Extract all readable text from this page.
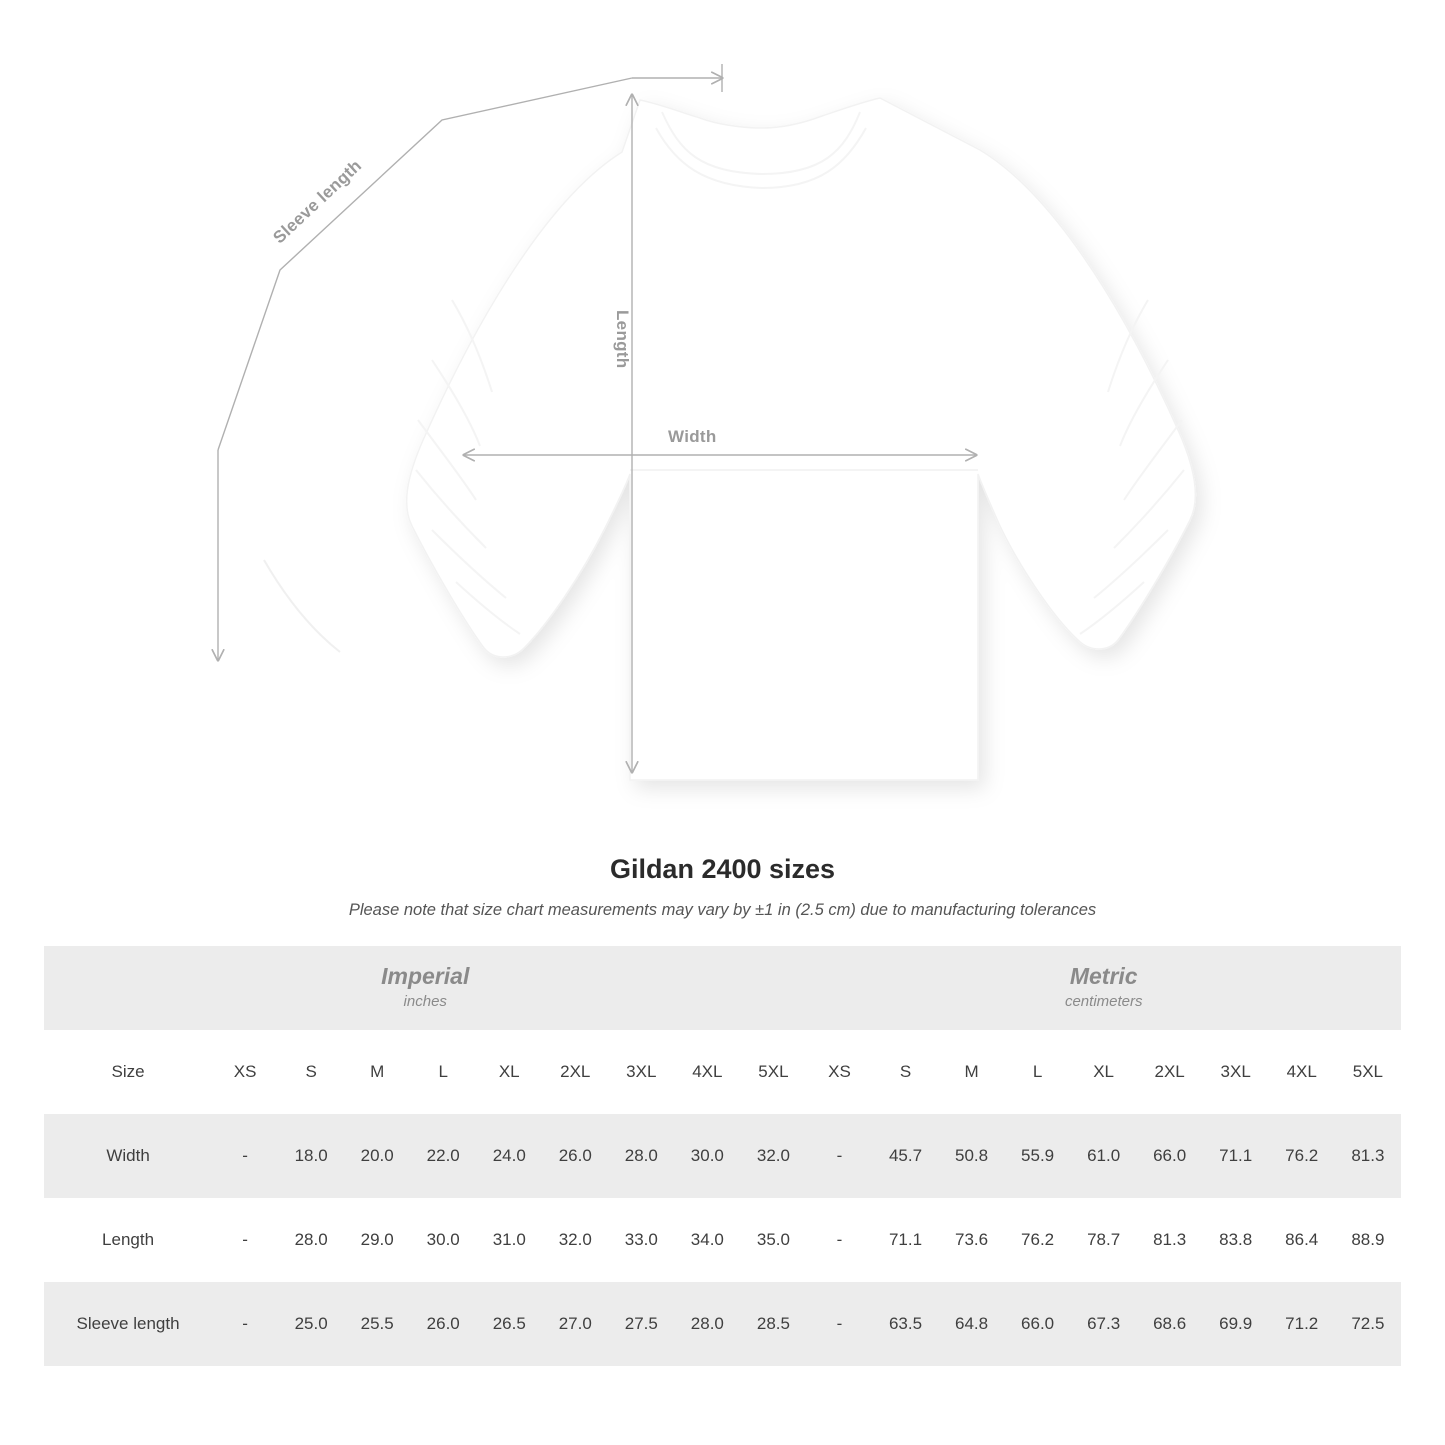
Width
Length
Sleeve length
Gildan 2400 sizes

Please note that size chart measurements may vary by ±1 in (2.5 cm) due to manufacturing tolerances

Imperial
inches

Metric
centimeters

Size	XS	S	M	L	XL	2XL	3XL	4XL	5XL	XS	S	M	L	XL	2XL	3XL	4XL	5XL
Width	-	18.0	20.0	22.0	24.0	26.0	28.0	30.0	32.0	-	45.7	50.8	55.9	61.0	66.0	71.1	76.2	81.3
Length	-	28.0	29.0	30.0	31.0	32.0	33.0	34.0	35.0	-	71.1	73.6	76.2	78.7	81.3	83.8	86.4	88.9
Sleeve length	-	25.0	25.5	26.0	26.5	27.0	27.5	28.0	28.5	-	63.5	64.8	66.0	67.3	68.6	69.9	71.2	72.5
